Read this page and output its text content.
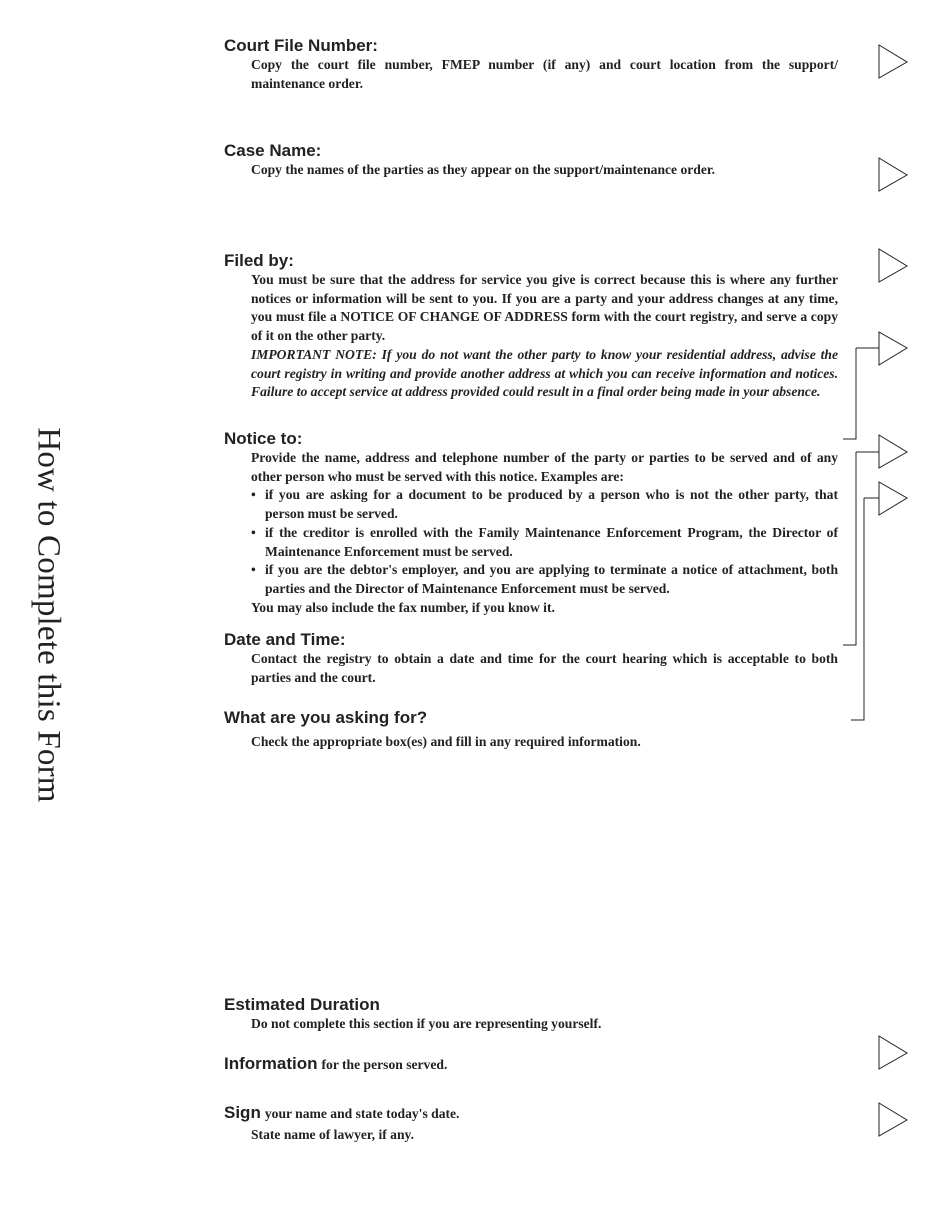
How to Complete this Form
Court File Number:
Copy the court file number, FMEP number (if any) and court location from the support/ maintenance order.
Case Name:
Copy the names of the parties as they appear on the support/maintenance order.
Filed by:
You must be sure that the address for service you give is correct because this is where any further notices or information will be sent to you. If you are a party and your address changes at any time, you must file a NOTICE OF CHANGE OF ADDRESS form with the court registry, and serve a copy of it on the other party.
IMPORTANT NOTE: If you do not want the other party to know your residential address, advise the court registry in writing and provide another address at which you can receive information and notices. Failure to accept service at address provided could result in a final order being made in your absence.
Notice to:
Provide the name, address and telephone number of the party or parties to be served and of any other person who must be served with this notice. Examples are:
• if you are asking for a document to be produced by a person who is not the other party, that person must be served.
• if the creditor is enrolled with the Family Maintenance Enforcement Program, the Director of Maintenance Enforcement must be served.
• if you are the debtor's employer, and you are applying to terminate a notice of attachment, both parties and the Director of Maintenance Enforcement must be served.
You may also include the fax number, if you know it.
Date and Time:
Contact the registry to obtain a date and time for the court hearing which is acceptable to both parties and the court.
What are you asking for?
Check the appropriate box(es) and fill in any required information.
Estimated Duration
Do not complete this section if you are representing yourself.
Information for the person served.
Sign your name and state today's date.
State name of lawyer, if any.
